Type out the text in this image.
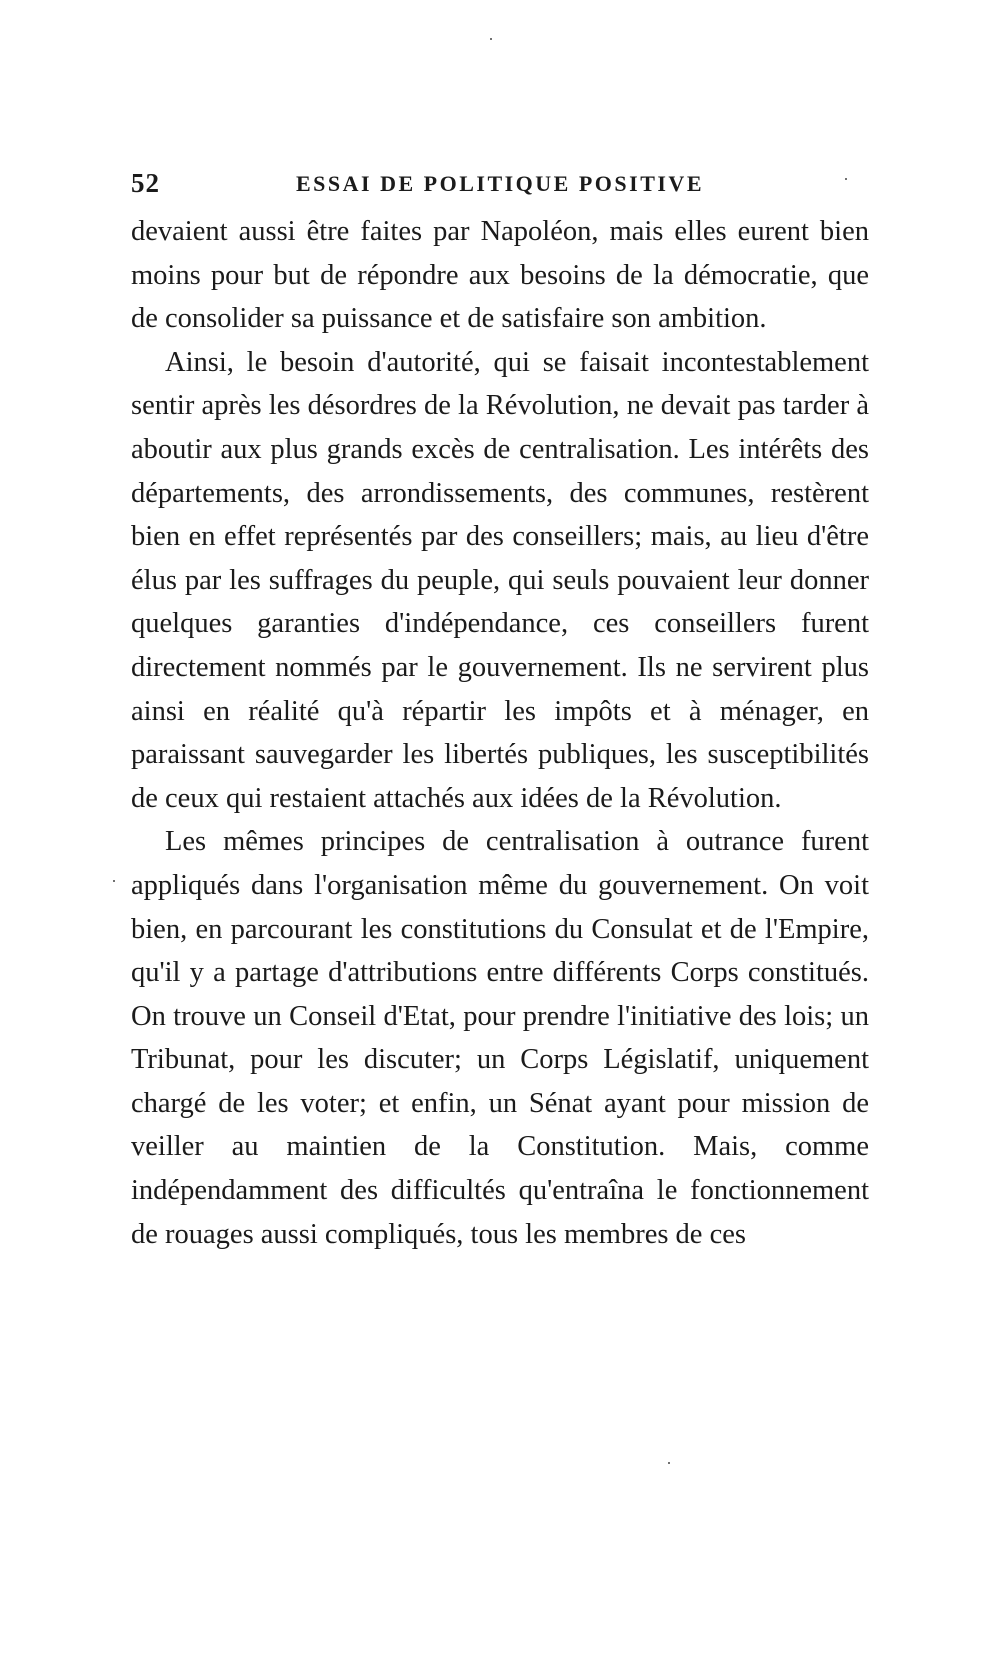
52	ESSAI DE POLITIQUE POSITIVE

devaient aussi être faites par Napoléon, mais elles eurent bien moins pour but de répondre aux besoins de la démocratie, que de consolider sa puissance et de satisfaire son ambition.

Ainsi, le besoin d'autorité, qui se faisait incontestablement sentir après les désordres de la Révolution, ne devait pas tarder à aboutir aux plus grands excès de centralisation. Les intérêts des départements, des arrondissements, des communes, restèrent bien en effet représentés par des conseillers; mais, au lieu d'être élus par les suffrages du peuple, qui seuls pouvaient leur donner quelques garanties d'indépendance, ces conseillers furent directement nommés par le gouvernement. Ils ne servirent plus ainsi en réalité qu'à répartir les impôts et à ménager, en paraissant sauvegarder les libertés publiques, les susceptibilités de ceux qui restaient attachés aux idées de la Révolution.

Les mêmes principes de centralisation à outrance furent appliqués dans l'organisation même du gouvernement. On voit bien, en parcourant les constitutions du Consulat et de l'Empire, qu'il y a partage d'attributions entre différents Corps constitués. On trouve un Conseil d'Etat, pour prendre l'initiative des lois; un Tribunat, pour les discuter; un Corps Législatif, uniquement chargé de les voter; et enfin, un Sénat ayant pour mission de veiller au maintien de la Constitution. Mais, comme indépendamment des difficultés qu'entraîna le fonctionnement de rouages aussi compliqués, tous les membres de ces
